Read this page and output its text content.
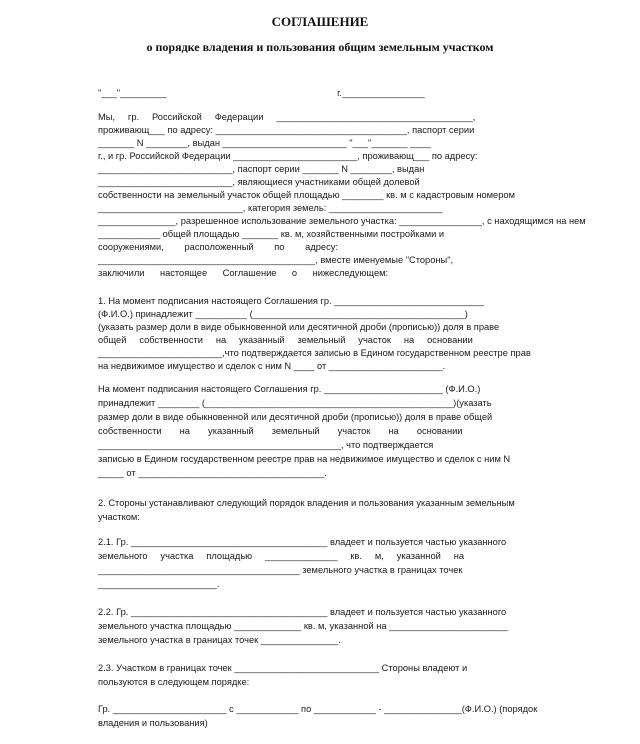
СОГЛАШЕНИЕ
о порядке владения и пользования общим земельным участком
"___"_________                                                                  г.________________
Мы,     гр.     Российской     Федерации     ______________________________________,
проживающ___ по адресу: _____________________________________, паспорт серии
_______ N ________, выдан ________________________ "___"_______ ____
г., и гр. Российской Федерации ________________________, проживающ___ по адресу:
__________________________, паспорт серии _______ N ________, выдан
__________________________, являющиеся участниками общей долевой
собственности на земельный участок общей площадью ________ кв. м с кадастровым номером
____________________________, категория земель: ______________________
_______________, разрешенное использование земельного участка: ________________, с находящимся на нем
____________ общей площадью _______ кв. м, хозяйственными постройками и
сооружениями,        расположенный        по        адресу:
__________________________________________, вместе именуемые "Стороны",
заключили      настоящее      Соглашение      о      нижеследующем:
1. На момент подписания настоящего Соглашения гр. _____________________________
(Ф.И.О.) принадлежит __________ (_________________________________________)
(указать размер доли в виде обыкновенной или десятичной дроби (прописью)) доля в праве
общей     собственности     на     указанный     земельный     участок     на     основании
________________________,что подтверждается записью в Едином государственном реестре прав
на недвижимое имущество и сделок с ним N ____ от ______________________.
На момент подписания настоящего Соглашения гр. _______________________ (Ф.И.О.)
принадлежит ________ (________________________________________________)(указать
размер доли в виде обыкновенной или десятичной дроби (прописью)) доля в праве общей
собственности       на       указанный       земельный       участок       на       основании
_______________________________________________, что подтверждается
записью в Едином государственном реестре прав на недвижимое имущество и сделок с ним N
_____ от ____________________________________.
2. Стороны устанавливают следующий порядок владения и пользования указанным земельным
участком:
2.1. Гр. ______________________________________ владеет и пользуется частью указанного
земельного     участка     площадью     ______________     кв.     м,     указанной     на
_______________________________________ земельного участка в границах точек
_______________________.
2.2. Гр. ______________________________________ владеет и пользуется частью указанного
земельного участка площадью _____________ кв. м, указанной на _______________________
земельного участка в границах точек _______________.
2.3. Участком в границах точек ____________________________ Стороны владеют и
пользуются в следующем порядке:
Гр. ______________________ с ____________ по ____________ - _______________(Ф.И.О.) (порядок
владения и пользования)
